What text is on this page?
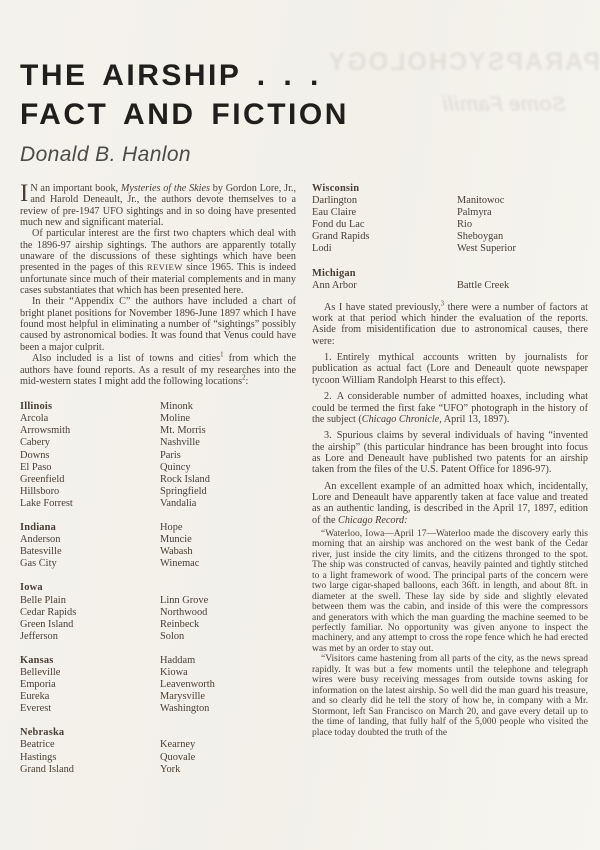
PARAPSYCHOLOGY
Some Famili
THE AIRSHIP . . .
FACT AND FICTION
Donald B. Hanlon

I N an important book, Mysteries of the Skies by Gordon Lore, Jr., and Harold Deneault, Jr., the authors devote themselves to a review of pre-1947 UFO sightings and in so doing have presented much new and significant material.

Of particular interest are the first two chapters which deal with the 1896-97 airship sightings. The authors are apparently totally unaware of the discussions of these sightings which have been presented in the pages of this REVIEW since 1965. This is indeed unfortunate since much of their material complements and in many cases substantiates that which has been presented here.

In their “Appendix C” the authors have included a chart of bright planet positions for November 1896-June 1897 which I have found most helpful in eliminating a number of “sightings” possibly caused by astronomical bodies. It was found that Venus could have been a major culprit.

Also included is a list of towns and cities$^1$ from which the authors have found reports. As a result of my researches into the mid-western states I might add the following locations$^2$:

Illinois	Minonk
Arcola	Moline
Arrowsmith	Mt. Morris
Cabery	Nashville
Downs	Paris
El Paso	Quincy
Greenfield	Rock Island
Hillsboro	Springfield
Lake Forrest	Vandalia
Indiana	Hope
Anderson	Muncie
Batesville	Wabash
Gas City	Winemac
Iowa
Belle Plain	Linn Grove
Cedar Rapids	Northwood
Green Island	Reinbeck
Jefferson	Solon
Kansas	Haddam
Belleville	Kiowa
Emporia	Leavenworth
Eureka	Marysville
Everest	Washington
Nebraska
Beatrice	Kearney
Hastings	Quovale
Grand Island	York
Wisconsin
Darlington	Manitowoc
Eau Claire	Palmyra
Fond du Lac	Rio
Grand Rapids	Sheboygan
Lodi	West Superior
Michigan
Ann Arbor	Battle Creek

As I have stated previously,$^3$ there were a number of factors at work at that period which hinder the evaluation of the reports. Aside from misidentification due to astronomical causes, there were:

1. Entirely mythical accounts written by journalists for publication as actual fact (Lore and Deneault quote newspaper tycoon William Randolph Hearst to this effect).

2. A considerable number of admitted hoaxes, including what could be termed the first fake “UFO” photograph in the history of the subject (Chicago Chronicle, April 13, 1897).

3. Spurious claims by several individuals of having “invented the airship” (this particular hindrance has been brought into focus as Lore and Deneault have published two patents for an airship taken from the files of the U.S. Patent Office for 1896-97).

An excellent example of an admitted hoax which, incidentally, Lore and Deneault have apparently taken at face value and treated as an authentic landing, is described in the April 17, 1897, edition of the Chicago Record:

“Waterloo, Iowa—April 17—Waterloo made the discovery early this morning that an airship was anchored on the west bank of the Cedar river, just inside the city limits, and the citizens thronged to the spot. The ship was constructed of canvas, heavily painted and tightly stitched to a light framework of wood. The principal parts of the concern were two large cigar-shaped balloons, each 36ft. in length, and about 8ft. in diameter at the swell. These lay side by side and slightly elevated between them was the cabin, and inside of this were the compressors and generators with which the man guarding the machine seemed to be perfectly familiar. No opportunity was given anyone to inspect the machinery, and any attempt to cross the rope fence which he had erected was met by an order to stay out.

“Visitors came hastening from all parts of the city, as the news spread rapidly. It was but a few moments until the telephone and telegraph wires were busy receiving messages from outside towns asking for information on the latest airship. So well did the man guard his treasure, and so clearly did he tell the story of how he, in company with a Mr. Stormont, left San Francisco on March 20, and gave every detail up to the time of landing, that fully half of the 5,000 people who visited the place today doubted the truth of the
